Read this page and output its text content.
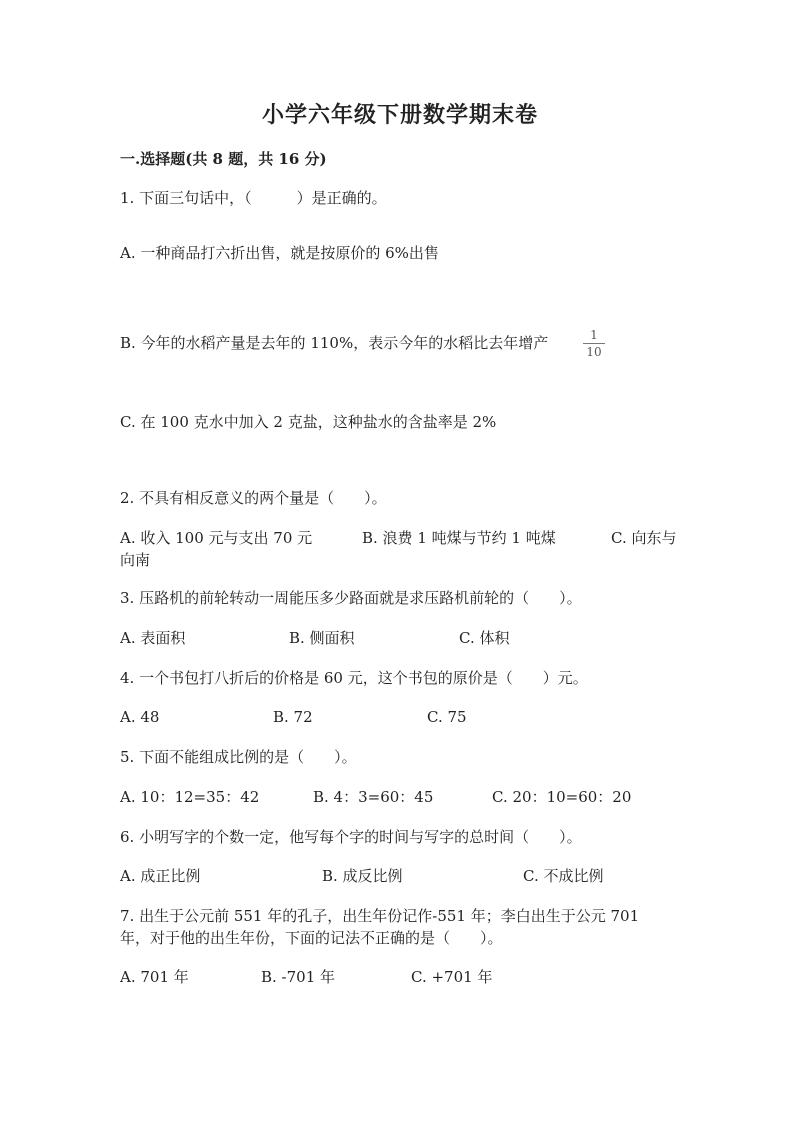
小学六年级下册数学期末卷
一.选择题(共 8 题，共 16 分)
1. 下面三句话中，（　　　）是正确的。
A. 一种商品打六折出售，就是按原价的 6%出售
B. 今年的水稻产量是去年的 110%，表示今年的水稻比去年增产	$\frac{1}{10}$
C. 在 100 克水中加入 2 克盐，这种盐水的含盐率是 2%
2. 不具有相反意义的两个量是（　　）。
A. 收入 100 元与支出 70 元	B. 浪费 1 吨煤与节约 1 吨煤	C. 向东与
向南
3. 压路机的前轮转动一周能压多少路面就是求压路机前轮的（　　）。
A. 表面积	B. 侧面积	C. 体积
4. 一个书包打八折后的价格是 60 元，这个书包的原价是（　　）元。
A. 48	B. 72	C. 75
5. 下面不能组成比例的是（　　）。
A. 10：12=35：42	B. 4：3=60：45	C. 20：10=60：20
6. 小明写字的个数一定，他写每个字的时间与写字的总时间（　　）。
A. 成正比例	B. 成反比例	C. 不成比例
7. 出生于公元前 551 年的孔子，出生年份记作-551 年；李白出生于公元 701
年，对于他的出生年份，下面的记法不正确的是（　　）。
A. 701 年	B. -701 年	C. +701 年
